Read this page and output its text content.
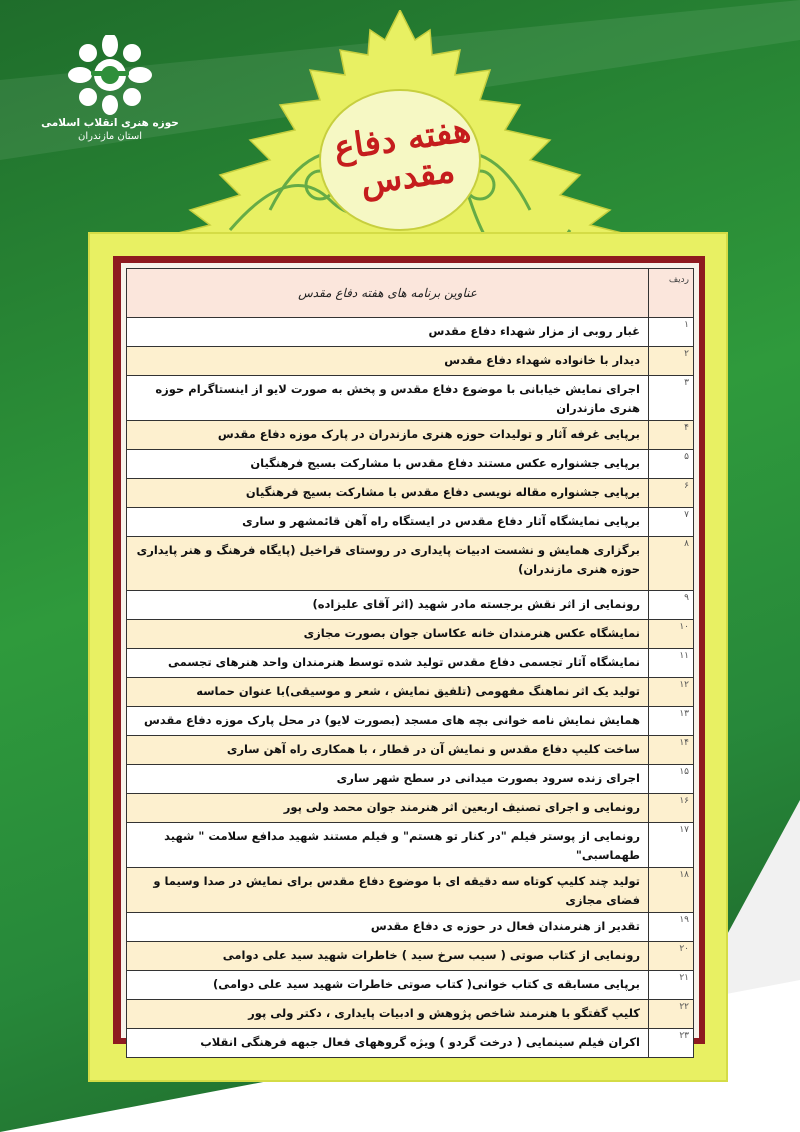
حوزه هنری انقلاب اسلامی
استان مازندران	هفته دفاع مقدس
ردیف	عناوین برنامه های هفته دفاع مقدس
۱	غبار روبی از مزار شهداء دفاع مقدس
۲	دیدار با خانواده شهداء دفاع مقدس
۳	اجرای نمایش خیابانی با موضوع دفاع مقدس و پخش به صورت لایو از اینستاگرام حوزه هنری مازندران
۴	برپایی غرفه آثار و تولیدات حوزه هنری مازندران در پارک موزه دفاع مقدس
۵	برپایی جشنواره عکس مستند دفاع مقدس با مشارکت بسیج فرهنگیان
۶	برپایی جشنواره مقاله نویسی دفاع مقدس با مشارکت بسیج فرهنگیان
۷	برپایی نمایشگاه آثار دفاع مقدس در ایستگاه راه آهن قائمشهر و ساری
۸	برگزاری همایش و نشست ادبیات پایداری در روستای قراخیل (پایگاه فرهنگ و هنر پایداری حوزه هنری مازندران)
۹	رونمایی از اثر نقش برجسته مادر شهید (اثر آقای علیزاده)
۱۰	نمایشگاه عکس هنرمندان خانه عکاسان جوان بصورت مجازی
۱۱	نمایشگاه آثار تجسمی دفاع مقدس تولید شده توسط هنرمندان واحد هنرهای تجسمی
۱۲	تولید یک اثر نماهنگ مفهومی (تلفیق نمایش ، شعر و موسیقی)با عنوان حماسه
۱۳	همایش نمایش نامه خوانی بچه های مسجد (بصورت لایو) در محل پارک موزه دفاع مقدس
۱۴	ساخت کلیپ دفاع مقدس و نمایش آن در قطار ، با همکاری راه آهن ساری
۱۵	اجرای زنده سرود بصورت میدانی در سطح شهر ساری
۱۶	رونمایی و اجرای تصنیف اربعین اثر هنرمند جوان محمد ولی پور
۱۷	رونمایی از پوستر فیلم "در کنار تو هستم" و فیلم مستند شهید مدافع سلامت " شهید طهماسبی"
۱۸	تولید چند کلیپ کوتاه سه دقیقه ای با موضوع دفاع مقدس برای نمایش در صدا وسیما و فضای مجازی
۱۹	تقدیر از هنرمندان فعال در حوزه ی دفاع مقدس
۲۰	رونمایی از کتاب صوتی ( سیب سرخ سید ) خاطرات شهید سید علی دوامی
۲۱	برپایی مسابقه ی کتاب خوانی( کتاب صوتی خاطرات شهید سید علی دوامی)
۲۲	کلیپ گفتگو با هنرمند شاخص پژوهش و ادبیات پایداری ، دکتر ولی پور
۲۳	اکران فیلم سینمایی ( درخت گردو ) ویژه گروههای فعال جبهه فرهنگی انقلاب
